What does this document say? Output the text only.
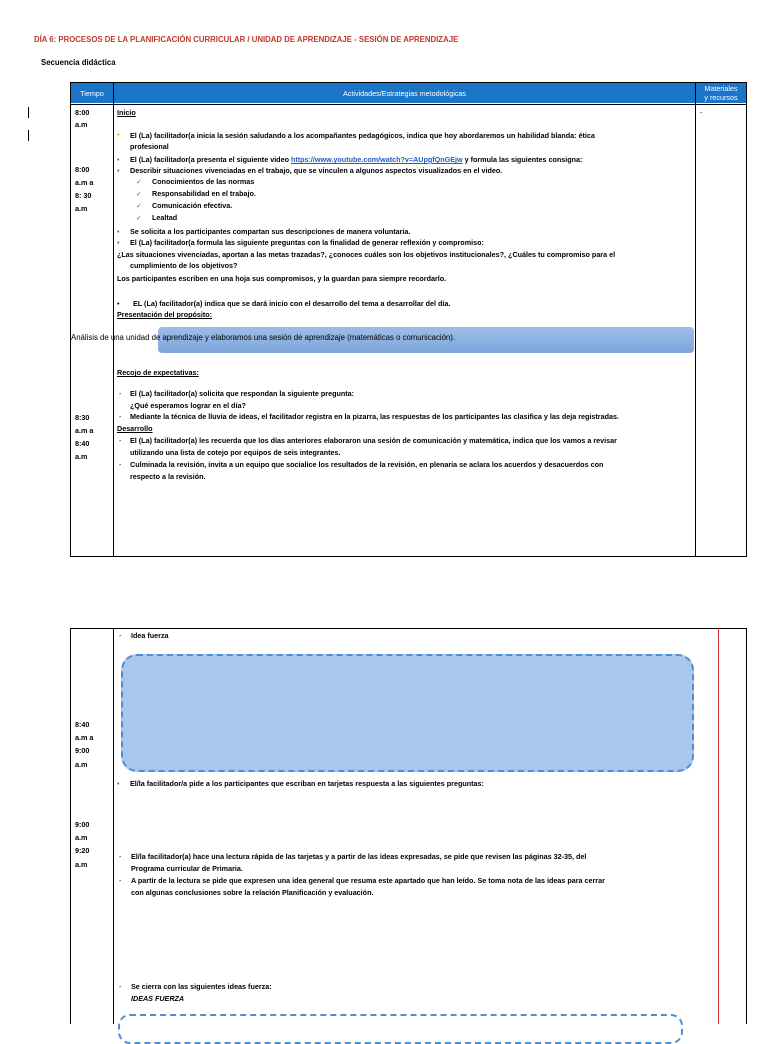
DÍA 6: PROCESOS DE LA PLANIFICACIÓN CURRICULAR / UNIDAD DE APRENDIZAJE - SESIÓN DE APRENDIZAJE
Secuencia didáctica
Tiempo	Actividades/Estrategias metodológicas	Materiales
y recursos
-
8:00
a.m
8:00
a.m a
8: 30
a.m
8:30
a.m a
8:40
a.m
Inicio
• El (La) facilitador(a inicia la sesión saludando a los acompañantes pedagógicos, indica que hoy abordaremos un habilidad blanda: ética
profesional
• El (La) facilitador(a presenta el siguiente video https://www.youtube.com/watch?v=AUpgfQnGEjw y formula las siguientes consigna:
• Describir situaciones vivenciadas en el trabajo, que se vinculen a algunos aspectos visualizados en el video.
✓ Conocimientos de las normas
✓ Responsabilidad en el trabajo.
✓ Comunicación efectiva.
✓ Lealtad
• Se solicita a los participantes compartan sus descripciones de manera voluntaria.
• El (La) facilitador(a formula las siguiente preguntas con la finalidad de generar reflexión y compromiso:
¿Las situaciones vivenciadas, aportan a las metas trazadas?, ¿conoces cuáles son los objetivos institucionales?, ¿Cuáles tu compromiso para el
cumplimiento de los objetivos?
Los participantes escriben en una hoja sus compromisos, y la guardan para siempre recordarlo.
• EL (La) facilitador(a) indica que se dará inicio con el desarrollo del tema a desarrollar del día.
Presentación del propósito:
Análisis de una unidad de aprendizaje y elaboramos una sesión de aprendizaje (matemáticas o comunicación).
Recojo de expectativas:
- El (La) facilitador(a) solicita que respondan la siguiente pregunta:
¿Qué esperamos lograr en el día?
- Mediante la técnica de lluvia de ideas, el facilitador registra en la pizarra, las respuestas de los participantes las clasifica y las deja registradas.
Desarrollo
- El (La) facilitador(a) les recuerda que los días anteriores elaboraron una sesión de comunicación y matemática, indica que los vamos a revisar
utilizando una lista de cotejo por equipos de seis integrantes.
- Culminada la revisión, invita a un equipo que socialice los resultados de la revisión, en plenaria se aclara los acuerdos y desacuerdos con
respecto a la revisión.
- Idea fuerza
8:40
a.m a
9:00
a.m
• El/la facilitador/a pide a los participantes que escriban en tarjetas respuesta a las siguientes preguntas:
9:00
a.m
9:20
a.m
- El/la facilitador(a) hace una lectura rápida de las tarjetas y a partir de las ideas expresadas, se pide que revisen las páginas 32-35, del
Programa curricular de Primaria.
- A partir de la lectura se pide que expresen una idea general que resuma este apartado que han leído. Se toma nota de las ideas para cerrar
con algunas conclusiones sobre la relación Planificación y evaluación.
- Se cierra con las siguientes ideas fuerza:
IDEAS FUERZA
